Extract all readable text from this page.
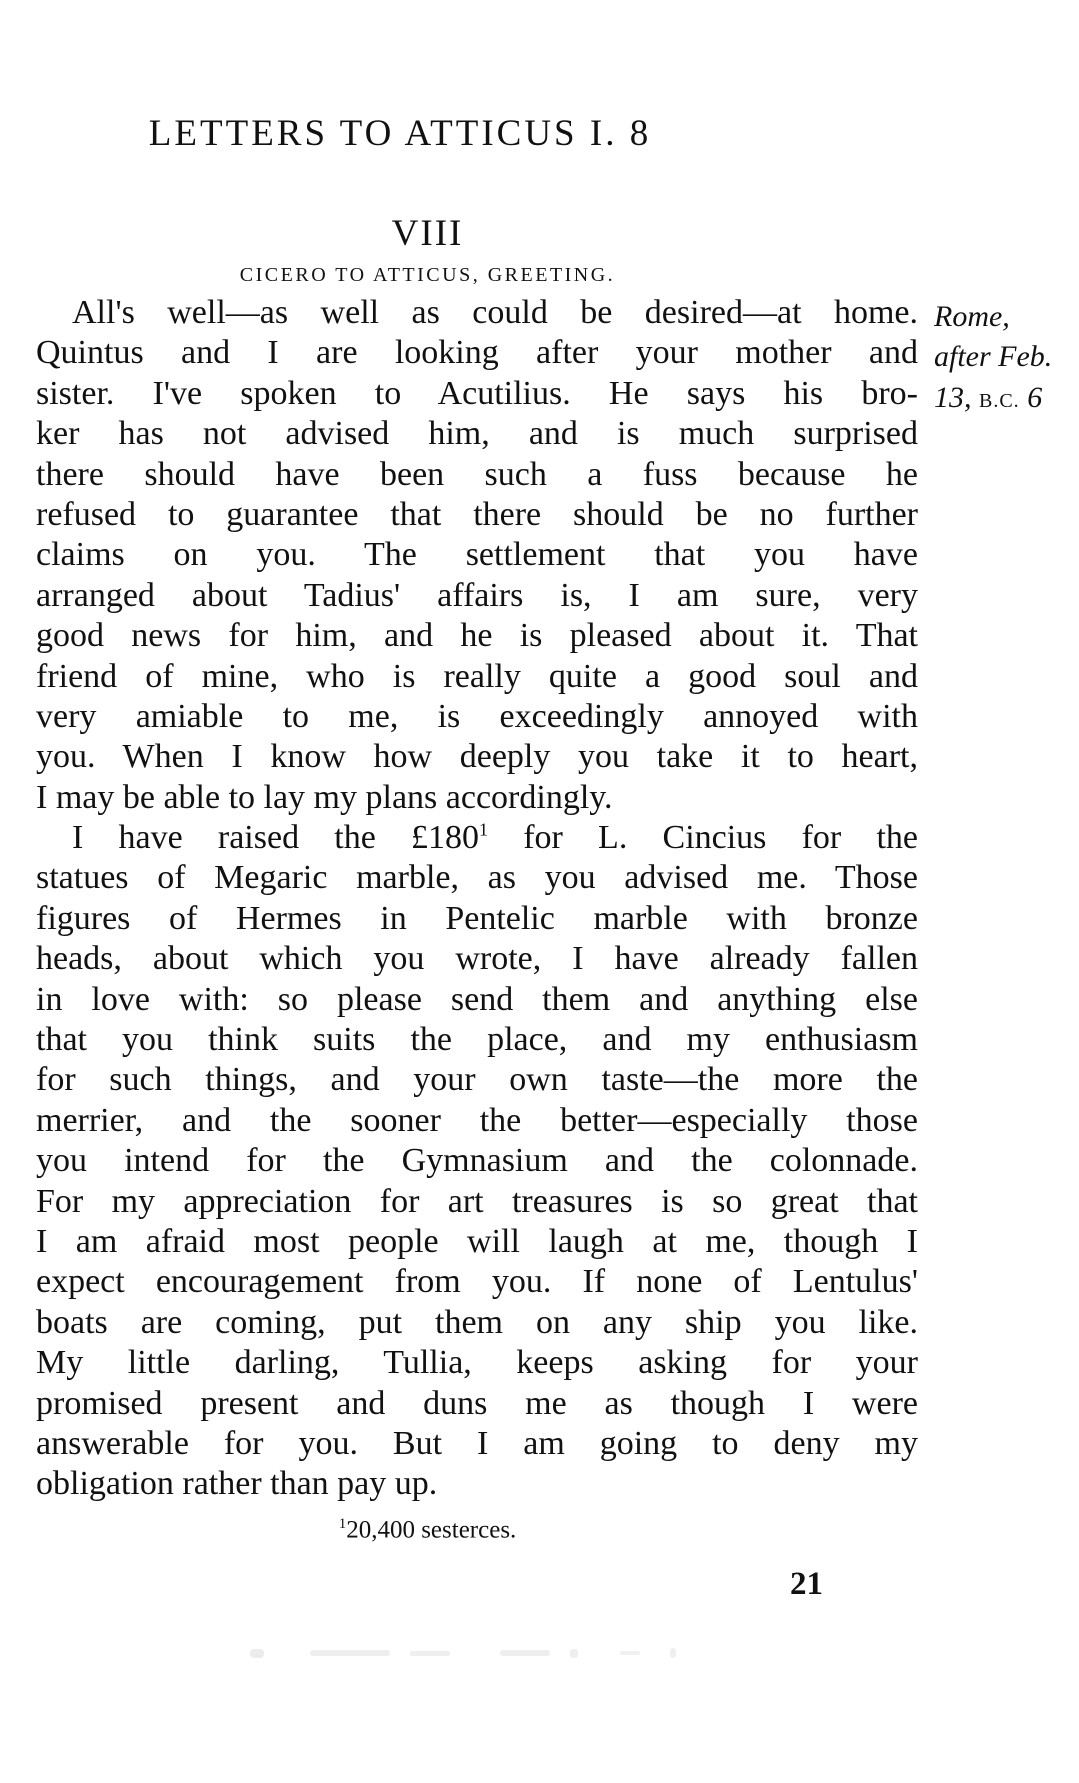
LETTERS TO ATTICUS I. 8
VIII
CICERO TO ATTICUS, GREETING.
All's well—as well as could be desired—at home.
Quintus and I are looking after your mother and
sister. I've spoken to Acutilius. He says his bro-
ker has not advised him, and is much surprised
there should have been such a fuss because he
refused to guarantee that there should be no further
claims on you. The settlement that you have
arranged about Tadius' affairs is, I am sure, very
good news for him, and he is pleased about it. That
friend of mine, who is really quite a good soul and
very amiable to me, is exceedingly annoyed with
you. When I know how deeply you take it to heart,
I may be able to lay my plans accordingly.
I have raised the $£180^1$ for L. Cincius for the
statues of Megaric marble, as you advised me. Those
figures of Hermes in Pentelic marble with bronze
heads, about which you wrote, I have already fallen
in love with: so please send them and anything else
that you think suits the place, and my enthusiasm
for such things, and your own taste—the more the
merrier, and the sooner the better—especially those
you intend for the Gymnasium and the colonnade.
For my appreciation for art treasures is so great that
I am afraid most people will laugh at me, though I
expect encouragement from you. If none of Lentulus'
boats are coming, put them on any ship you like.
My little darling, Tullia, keeps asking for your
promised present and duns me as though I were
answerable for you. But I am going to deny my
obligation rather than pay up.
Rome,
after Feb.
13, B.C. 6
$^1$20,400 sesterces.
21
